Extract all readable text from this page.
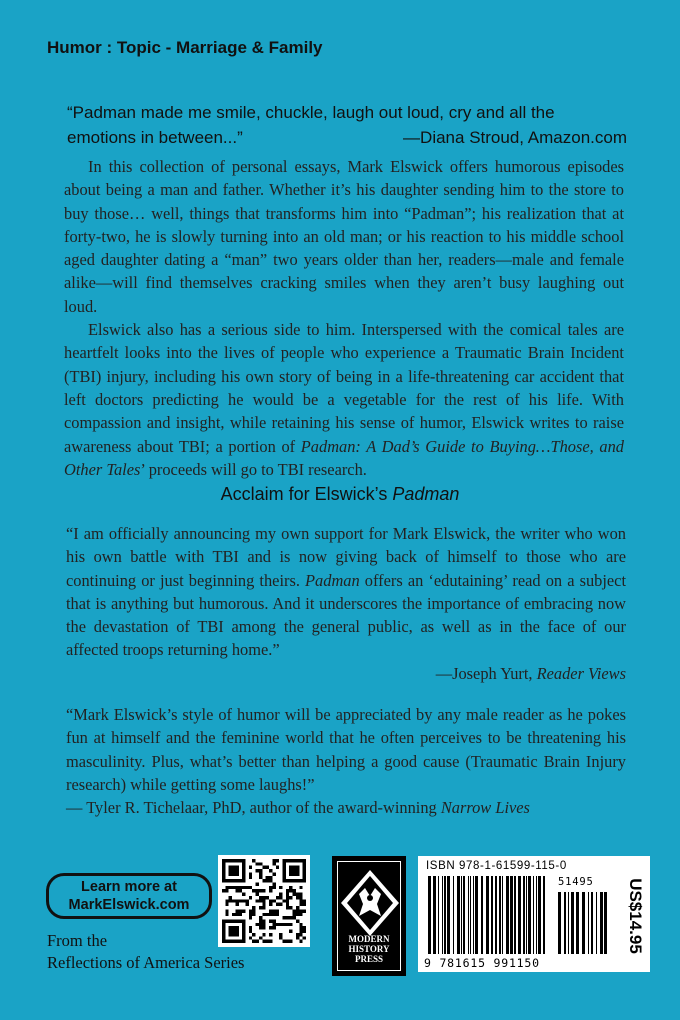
Humor : Topic - Marriage & Family
“Padman made me smile, chuckle, laugh out loud, cry and all the emotions in between...”	—Diana Stroud, Amazon.com

In this collection of personal essays, Mark Elswick offers humorous episodes about being a man and father. Whether it’s his daughter sending him to the store to buy those… well, things that transforms him into “Padman”; his realization that at forty-two, he is slowly turning into an old man; or his reaction to his middle school aged daughter dating a “man” two years older than her, readers—male and female alike—will find themselves cracking smiles when they aren’t busy laughing out loud.

Elswick also has a serious side to him. Interspersed with the comical tales are heartfelt looks into the lives of people who experience a Traumatic Brain Incident (TBI) injury, including his own story of being in a life-threatening car accident that left doctors predicting he would be a vegetable for the rest of his life. With compassion and insight, while retaining his sense of humor, Elswick writes to raise awareness about TBI; a portion of Padman: A Dad’s Guide to Buying…Those, and Other Tales’ proceeds will go to TBI research.

Acclaim for Elswick’s Padman

“I am officially announcing my own support for Mark Elswick, the writer who won his own battle with TBI and is now giving back of himself to those who are continuing or just beginning theirs. Padman offers an ‘edutaining’ read on a subject that is anything but humorous. And it underscores the importance of embracing now the devastation of TBI among the general public, as well as in the face of our affected troops returning home.”

—Joseph Yurt, Reader Views

“Mark Elswick’s style of humor will be appreciated by any male reader as he pokes fun at himself and the feminine world that he often perceives to be threatening his masculinity. Plus, what’s better than helping a good cause (Traumatic Brain Injury research) while getting some laughs!”

— Tyler R. Tichelaar, PhD, author of the award-winning Narrow Lives

Learn more at
MarkElswick.com
From the
Reflections of America Series
MODERN
HISTORY
PRESS
ISBN 978-1-61599-115-0
51495
9 781615 991150
US$14.95
